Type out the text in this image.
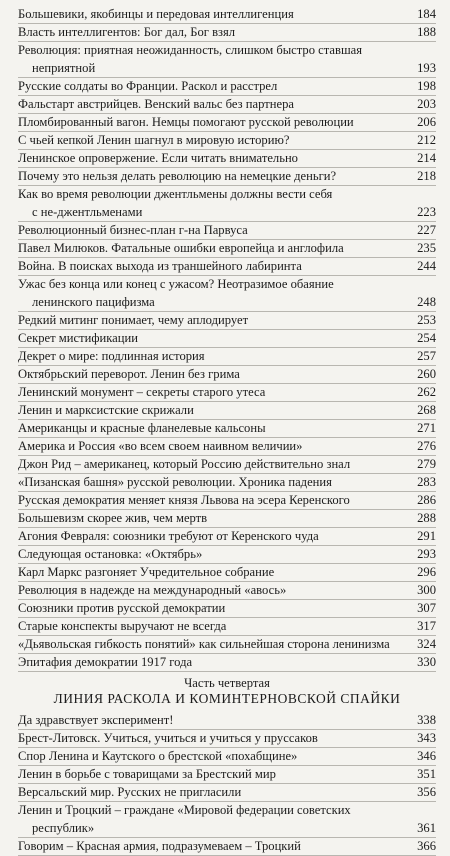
Часть четвертая
ЛИНИЯ РАСКОЛА И КОМИНТЕРНОВСКОЙ СПАЙКИ
Большевики, якобинцы и передовая интеллигенция	184
Власть интеллигентов: Бог дал, Бог взял	188
Революция: приятная неожиданность, слишком быстро ставшая
неприятной	193
Русские солдаты во Франции. Раскол и расстрел	198
Фальстарт австрийцев. Венский вальс без партнера	203
Пломбированный вагон. Немцы помогают русской революции	206
С чьей кепкой Ленин шагнул в мировую историю?	212
Ленинское опровержение. Если читать внимательно	214
Почему это нельзя делать революцию на немецкие деньги?	218
Как во время революции джентльмены должны вести себя
с не-джентльменами	223
Революционный бизнес-план г-на Парвуса	227
Павел Милюков. Фатальные ошибки европейца и англофила	235
Война. В поисках выхода из траншейного лабиринта	244
Ужас без конца или конец с ужасом? Неотразимое обаяние
ленинского пацифизма	248
Редкий митинг понимает, чему аплодирует	253
Секрет мистификации	254
Декрет о мире: подлинная история	257
Октябрьский переворот. Ленин без грима	260
Ленинский монумент – секреты старого утеса	262
Ленин и марксистские скрижали	268
Американцы и красные фланелевые кальсоны	271
Америка и Россия «во всем своем наивном величии»	276
Джон Рид – американец, который Россию действительно знал	279
«Пизанская башня» русской революции. Хроника падения	283
Русская демократия меняет князя Львова на эсера Керенского	286
Большевизм скорее жив, чем мертв	288
Агония Февраля: союзники требуют от Керенского чуда	291
Следующая остановка: «Октябрь»	293
Карл Маркс разгоняет Учредительное собрание	296
Революция в надежде на международный «авось»	300
Союзники против русской демократии	307
Старые конспекты выручают не всегда	317
«Дьявольская гибкость понятий» как сильнейшая сторона ленинизма	324
Эпитафия демократии 1917 года	330
Да здравствует эксперимент!	338
Брест-Литовск. Учиться, учиться и учиться у пруссаков	343
Спор Ленина и Каутского о брестской «похабщине»	346
Ленин в борьбе с товарищами за Брестский мир	351
Версальский мир. Русских не пригласили	356
Ленин и Троцкий – граждане «Мировой федерации советских
республик»	361
Говорим – Красная армия, подразумеваем – Троцкий	366
